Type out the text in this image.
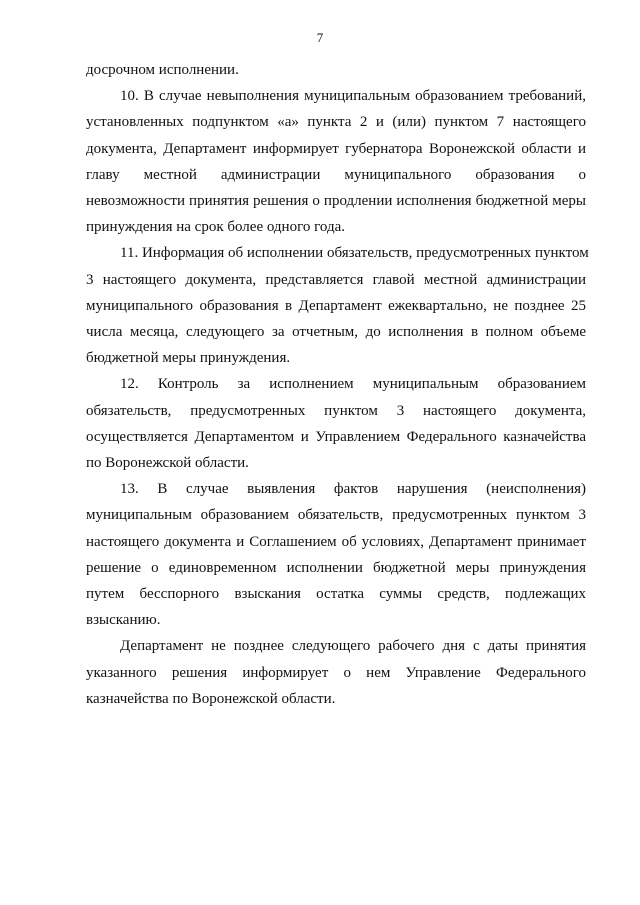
7

досрочном исполнении.

10. В случае невыполнения муниципальным образованием требований,
установленных подпунктом «а» пункта 2 и (или) пунктом 7 настоящего
документа, Департамент информирует губернатора Воронежской области и
главу местной администрации муниципального образования о
невозможности принятия решения о продлении исполнения бюджетной меры
принуждения на срок более одного года.

11. Информация об исполнении обязательств, предусмотренных пунктом
3 настоящего документа, представляется главой местной администрации
муниципального образования в Департамент ежеквартально, не позднее 25
числа месяца, следующего за отчетным, до исполнения в полном объеме
бюджетной меры принуждения.

12. Контроль за исполнением муниципальным образованием
обязательств, предусмотренных пунктом 3 настоящего документа,
осуществляется Департаментом и Управлением Федерального казначейства
по Воронежской области.

13. В случае выявления фактов нарушения (неисполнения)
муниципальным образованием обязательств, предусмотренных пунктом 3
настоящего документа и Соглашением об условиях, Департамент принимает
решение о единовременном исполнении бюджетной меры принуждения
путем бесспорного взыскания остатка суммы средств, подлежащих
взысканию.

Департамент не позднее следующего рабочего дня с даты принятия
указанного решения информирует о нем Управление Федерального
казначейства по Воронежской области.
